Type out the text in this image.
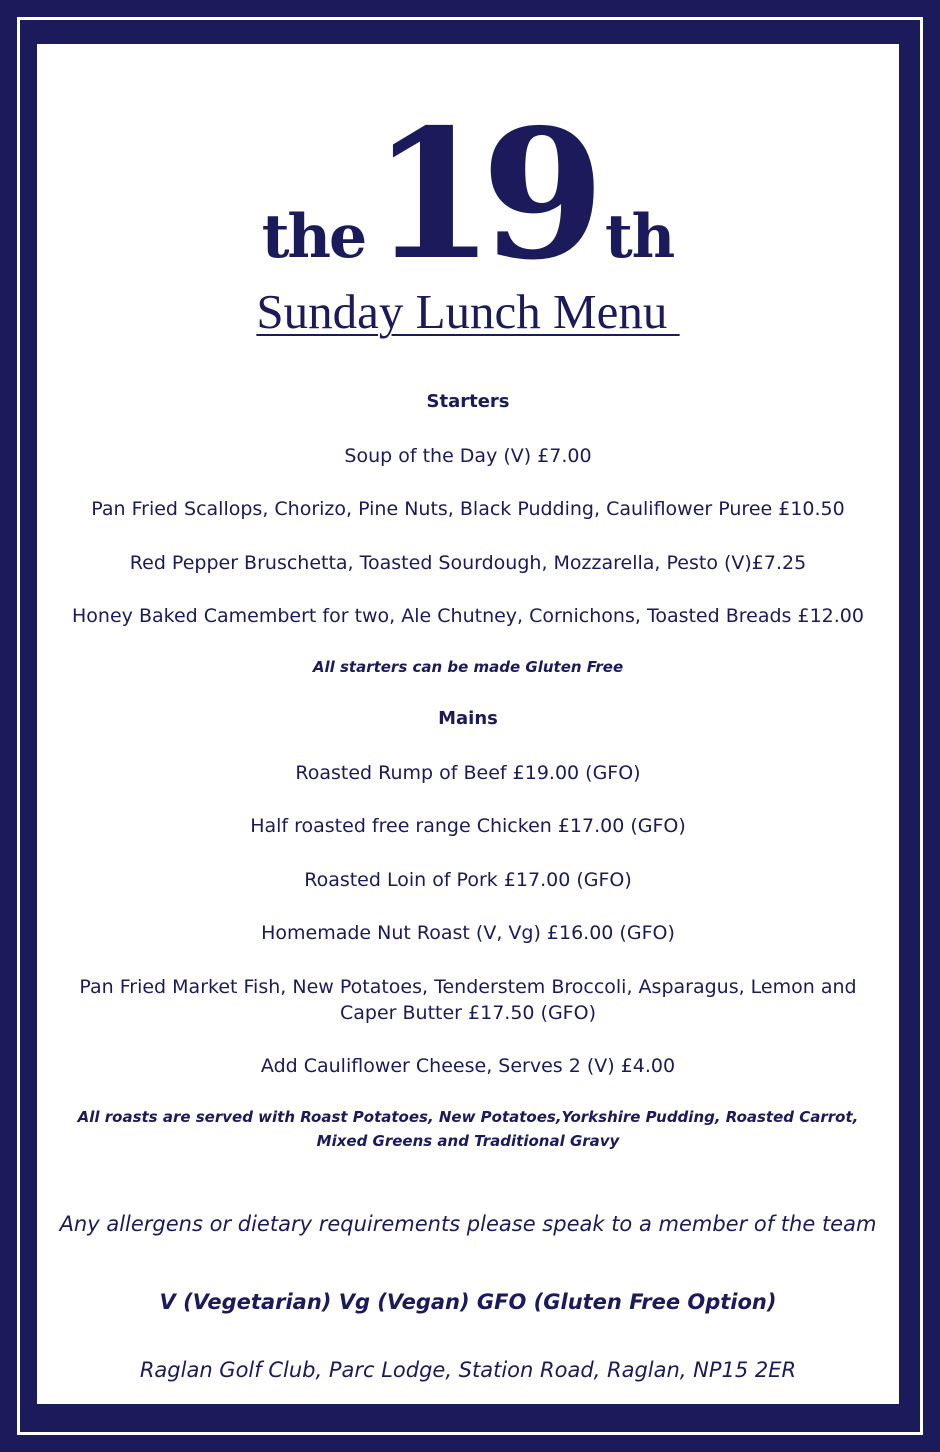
the 19 th
Sunday Lunch Menu
Starters
Soup of the Day (V) £7.00
Pan Fried Scallops, Chorizo, Pine Nuts, Black Pudding, Cauliflower Puree £10.50
Red Pepper Bruschetta, Toasted Sourdough, Mozzarella, Pesto (V)£7.25
Honey Baked Camembert for two, Ale Chutney, Cornichons, Toasted Breads £12.00
All starters can be made Gluten Free
Mains
Roasted Rump of Beef £19.00 (GFO)
Half roasted free range Chicken £17.00 (GFO)
Roasted Loin of Pork £17.00 (GFO)
Homemade Nut Roast (V, Vg) £16.00 (GFO)
Pan Fried Market Fish, New Potatoes, Tenderstem Broccoli, Asparagus, Lemon and
Caper Butter £17.50 (GFO)
Add Cauliflower Cheese, Serves 2 (V) £4.00
All roasts are served with Roast Potatoes, New Potatoes,Yorkshire Pudding, Roasted Carrot,
Mixed Greens and Traditional Gravy
Any allergens or dietary requirements please speak to a member of the team
V (Vegetarian) Vg (Vegan) GFO (Gluten Free Option)
Raglan Golf Club, Parc Lodge, Station Road, Raglan, NP15 2ER
